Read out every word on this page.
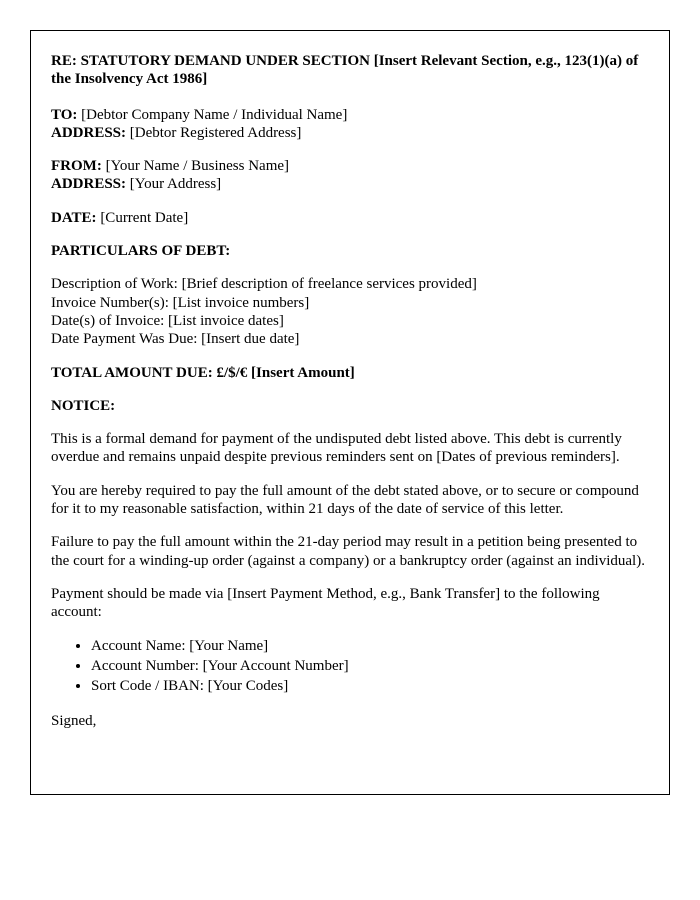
RE: STATUTORY DEMAND UNDER SECTION [Insert Relevant Section, e.g., 123(1)(a) of the Insolvency Act 1986]
TO: [Debtor Company Name / Individual Name]
ADDRESS: [Debtor Registered Address]
FROM: [Your Name / Business Name]
ADDRESS: [Your Address]
DATE: [Current Date]
PARTICULARS OF DEBT:
Description of Work: [Brief description of freelance services provided]
Invoice Number(s): [List invoice numbers]
Date(s) of Invoice: [List invoice dates]
Date Payment Was Due: [Insert due date]
TOTAL AMOUNT DUE: £/$/€ [Insert Amount]
NOTICE:

This is a formal demand for payment of the undisputed debt listed above. This debt is currently overdue and remains unpaid despite previous reminders sent on [Dates of previous reminders].

You are hereby required to pay the full amount of the debt stated above, or to secure or compound for it to my reasonable satisfaction, within 21 days of the date of service of this letter.

Failure to pay the full amount within the 21-day period may result in a petition being presented to the court for a winding-up order (against a company) or a bankruptcy order (against an individual).

Payment should be made via [Insert Payment Method, e.g., Bank Transfer] to the following account:

• Account Name: [Your Name]
• Account Number: [Your Account Number]
• Sort Code / IBAN: [Your Codes]
Signed,
